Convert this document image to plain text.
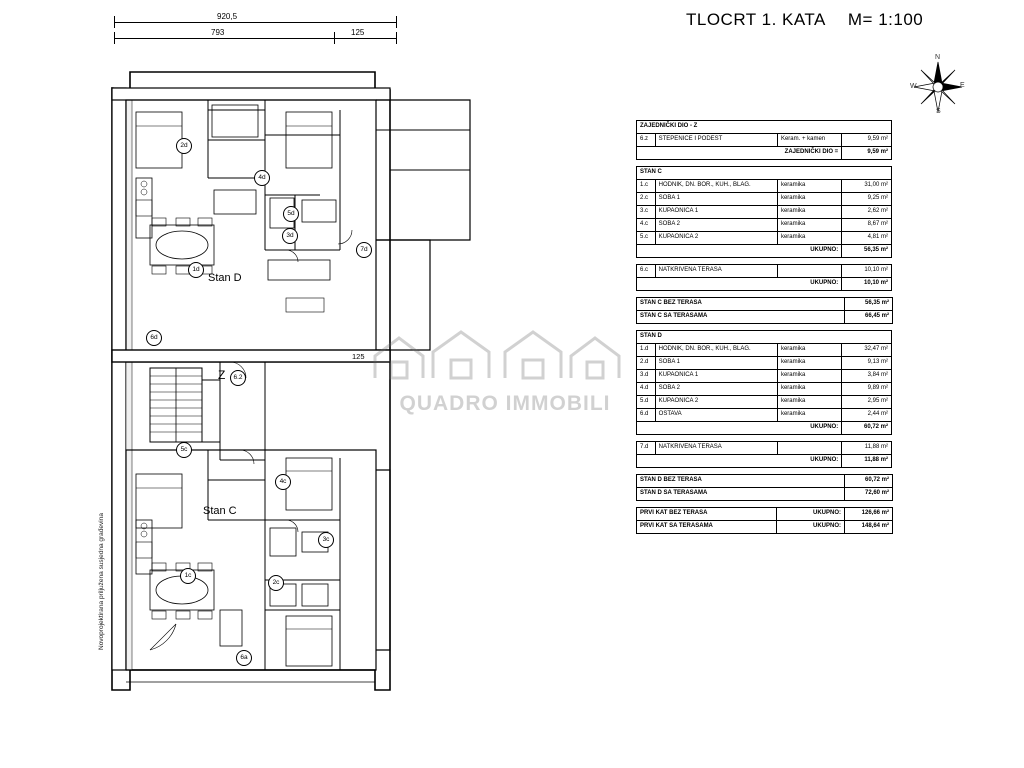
TLOCRT 1. KATA M= 1:100
N
S
E
W
920,5
793	125
Stan D
Stan C
Z
2d
4d
7d
1d
6d
5d
3d
6.2
5c
4c
3c
1c
2c
6a
125
Novoprojektirana priljužena susjedna građevina
QUADRO IMMOBILI
ZAJEDNIČKI DIO - Z			
6.z	STEPENICE I PODEST	Keram. + kamen	9,59 m²
ZAJEDNIČKI DIO =			9,59 m²
STAN C			
1.c	HODNIK, DN. BOR., KUH., BLAG.	keramika	31,00 m²
2.c	SOBA 1	keramika	9,25 m²
3.c	KUPAONICA 1	keramika	2,62 m²
4.c	SOBA 2	keramika	8,67 m²
5.c	KUPAONICA 2	keramika	4,81 m²
UKUPNO:			56,35 m²
6.c	NATKRIVENA TERASA		10,10 m²
UKUPNO:			10,10 m²
STAN C BEZ TERASA	56,35 m²
STAN C SA TERASAMA	66,45 m²
STAN D			
1.d	HODNIK, DN. BOR., KUH., BLAG.	keramika	32,47 m²
2.d	SOBA 1	keramika	9,13 m²
3.d	KUPAONICA 1	keramika	3,84 m²
4.d	SOBA 2	keramika	9,89 m²
5.d	KUPAONICA 2	keramika	2,95 m²
6.d	OSTAVA	keramika	2,44 m²
UKUPNO:			60,72 m²
7.d	NATKRIVENA TERASA		11,88 m²
UKUPNO:			11,88 m²
STAN D BEZ TERASA	60,72 m²
STAN D SA TERASAMA	72,60 m²
PRVI KAT BEZ TERASA	UKUPNO:	126,66 m²
PRVI KAT SA TERASAMA	UKUPNO:	148,64 m²
